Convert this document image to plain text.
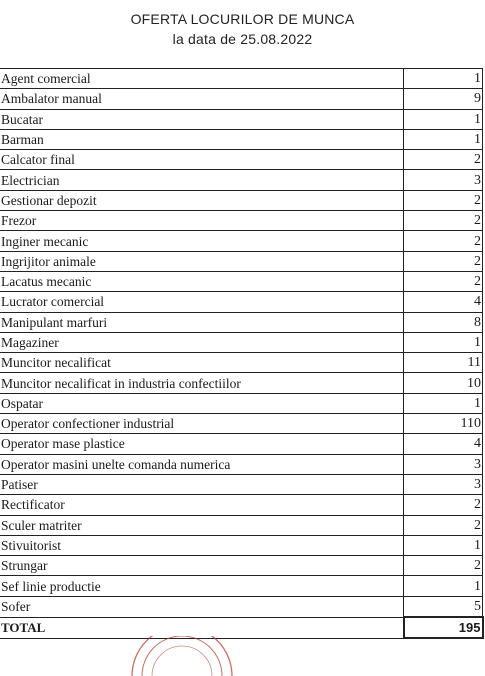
OFERTA LOCURILOR DE MUNCA
la data de 25.08.2022
Agent comercial	1
Ambalator manual	9
Bucatar	1
Barman	1
Calcator final	2
Electrician	3
Gestionar depozit	2
Frezor	2
Inginer mecanic	2
Ingrijitor animale	2
Lacatus mecanic	2
Lucrator comercial	4
Manipulant marfuri	8
Magaziner	1
Muncitor necalificat	11
Muncitor necalificat in industria confectiilor	10
Ospatar	1
Operator confectioner industrial	110
Operator mase plastice	4
Operator masini unelte comanda numerica	3
Patiser	3
Rectificator	2
Sculer matriter	2
Stivuitorist	1
Strungar	2
Sef linie productie	1
Sofer	5
TOTAL	195
